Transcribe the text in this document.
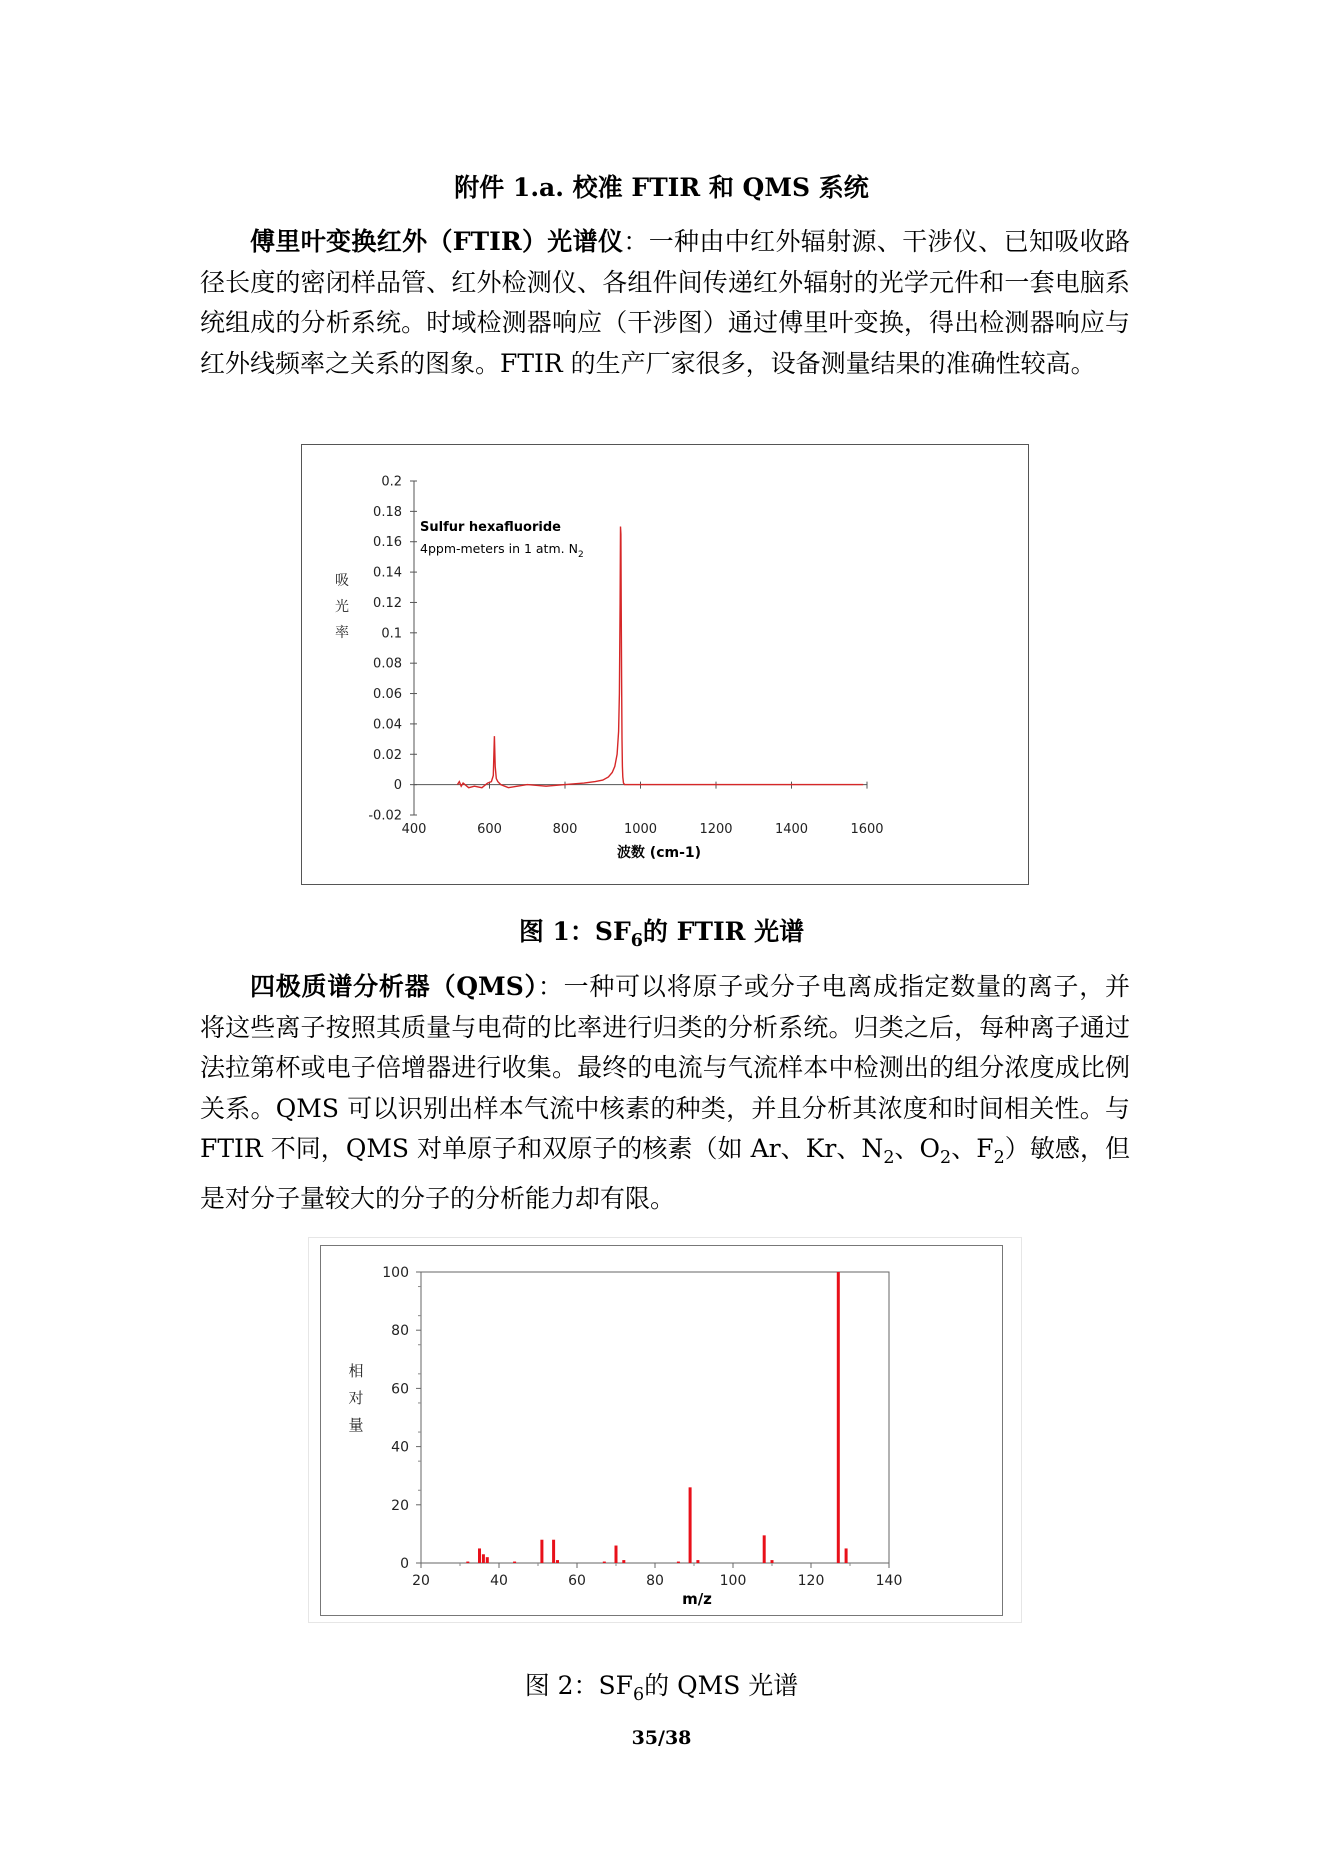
附件 1.a. 校准 FTIR 和 QMS 系统

傅里叶变换红外（FTIR）光谱仪：一种由中红外辐射源、干涉仪、已知吸收路径长度的密闭样品管、红外检测仪、各组件间传递红外辐射的光学元件和一套电脑系统组成的分析系统。时域检测器响应（干涉图）通过傅里叶变换，得出检测器响应与红外线频率之关系的图象。FTIR 的生产厂家很多，设备测量结果的准确性较高。

-0.02
0
0.02
0.04
0.06
0.08
0.1
0.12
0.14
0.16
0.18
0.2
400	600	800	1000	1200	1400	1600
Sulfur hexafluoride
4ppm-meters in 1 atm. $N_2$
吸
光
率
波数 (cm-1)
图 1：$SF_6$的 FTIR 光谱

四极质谱分析器（QMS）：一种可以将原子或分子电离成指定数量的离子，并将这些离子按照其质量与电荷的比率进行归类的分析系统。归类之后，每种离子通过法拉第杯或电子倍增器进行收集。最终的电流与气流样本中检测出的组分浓度成比例关系。QMS 可以识别出样本气流中核素的种类，并且分析其浓度和时间相关性。与 FTIR 不同，QMS 对单原子和双原子的核素（如 Ar、Kr、$N_2$、$O_2$、$F_2$）敏感，但是对分子量较大的分子的分析能力却有限。

0
20
40
60
80
100
20	40	60	80	100	120	140
相
对
量
m/z
图 2：$SF_6$的 QMS 光谱
35/38
